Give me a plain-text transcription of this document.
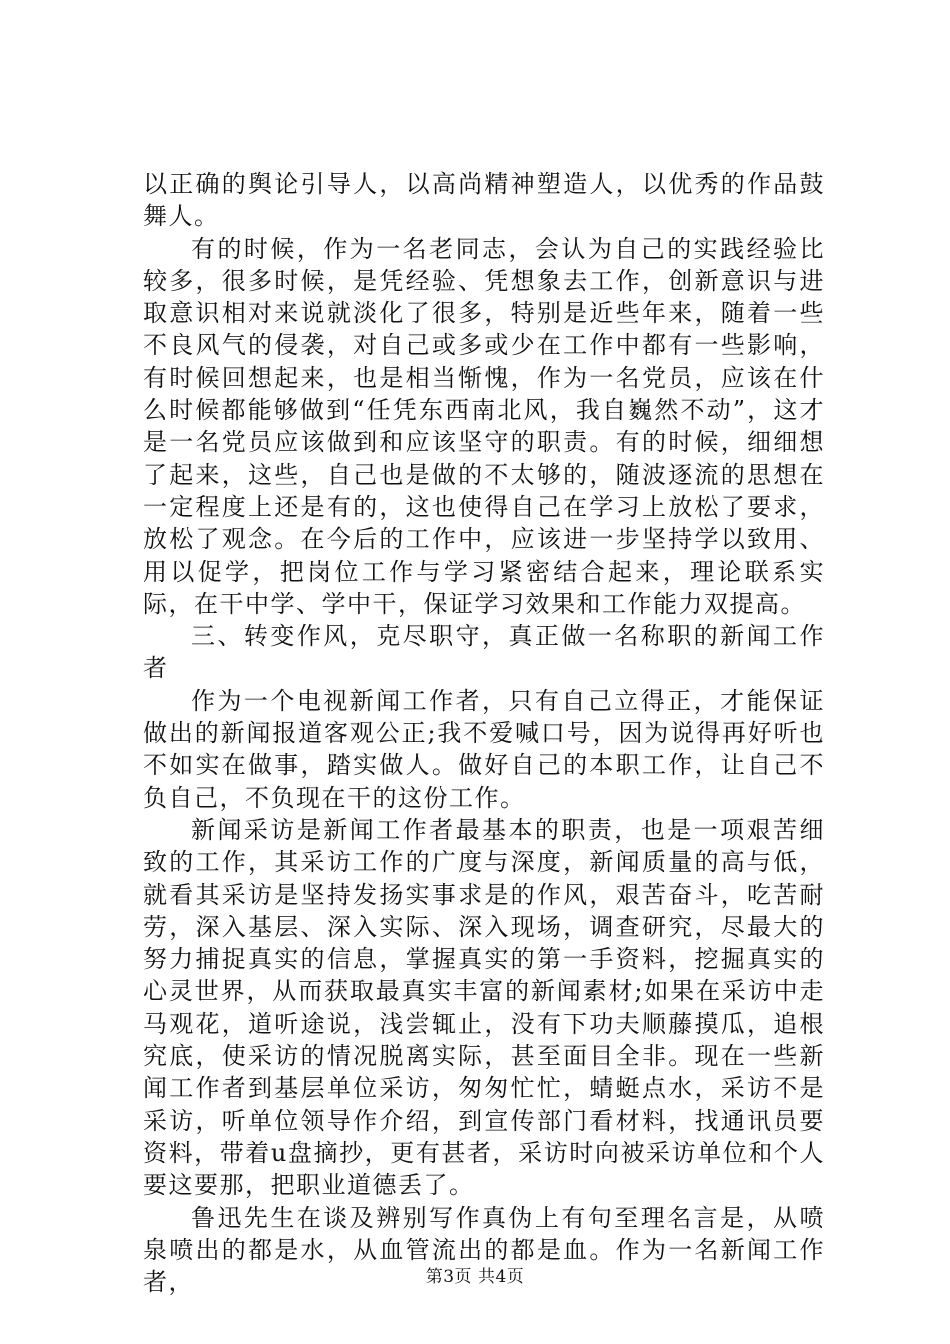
以正确的舆论引导人，以高尚精神塑造人，以优秀的作品鼓舞人。

有的时候，作为一名老同志，会认为自己的实践经验比较多，很多时候，是凭经验、凭想象去工作，创新意识与进取意识相对来说就淡化了很多，特别是近些年来，随着一些不良风气的侵袭，对自己或多或少在工作中都有一些影响，有时候回想起来，也是相当惭愧，作为一名党员，应该在什么时候都能够做到“任凭东西南北风，我自巍然不动”，这才是一名党员应该做到和应该坚守的职责。有的时候，细细想了起来，这些，自己也是做的不太够的，随波逐流的思想在一定程度上还是有的，这也使得自己在学习上放松了要求，放松了观念。在今后的工作中，应该进一步坚持学以致用、用以促学，把岗位工作与学习紧密结合起来，理论联系实际，在干中学、学中干，保证学习效果和工作能力双提高。

三、转变作风，克尽职守，真正做一名称职的新闻工作者

作为一个电视新闻工作者，只有自己立得正，才能保证做出的新闻报道客观公正;我不爱喊口号，因为说得再好听也不如实在做事，踏实做人。做好自己的本职工作，让自己不负自己，不负现在干的这份工作。

新闻采访是新闻工作者最基本的职责，也是一项艰苦细致的工作，其采访工作的广度与深度，新闻质量的高与低，就看其采访是坚持发扬实事求是的作风，艰苦奋斗，吃苦耐劳，深入基层、深入实际、深入现场，调查研究，尽最大的努力捕捉真实的信息，掌握真实的第一手资料，挖掘真实的心灵世界，从而获取最真实丰富的新闻素材;如果在采访中走马观花，道听途说，浅尝辄止，没有下功夫顺藤摸瓜，追根究底，使采访的情况脱离实际，甚至面目全非。现在一些新闻工作者到基层单位采访，匆匆忙忙，蜻蜓点水，采访不是采访，听单位领导作介绍，到宣传部门看材料，找通讯员要资料，带着u盘摘抄，更有甚者，采访时向被采访单位和个人要这要那，把职业道德丢了。

鲁迅先生在谈及辨别写作真伪上有句至理名言是，从喷泉喷出的都是水，从血管流出的都是血。作为一名新闻工作者，	第3页 共4页
